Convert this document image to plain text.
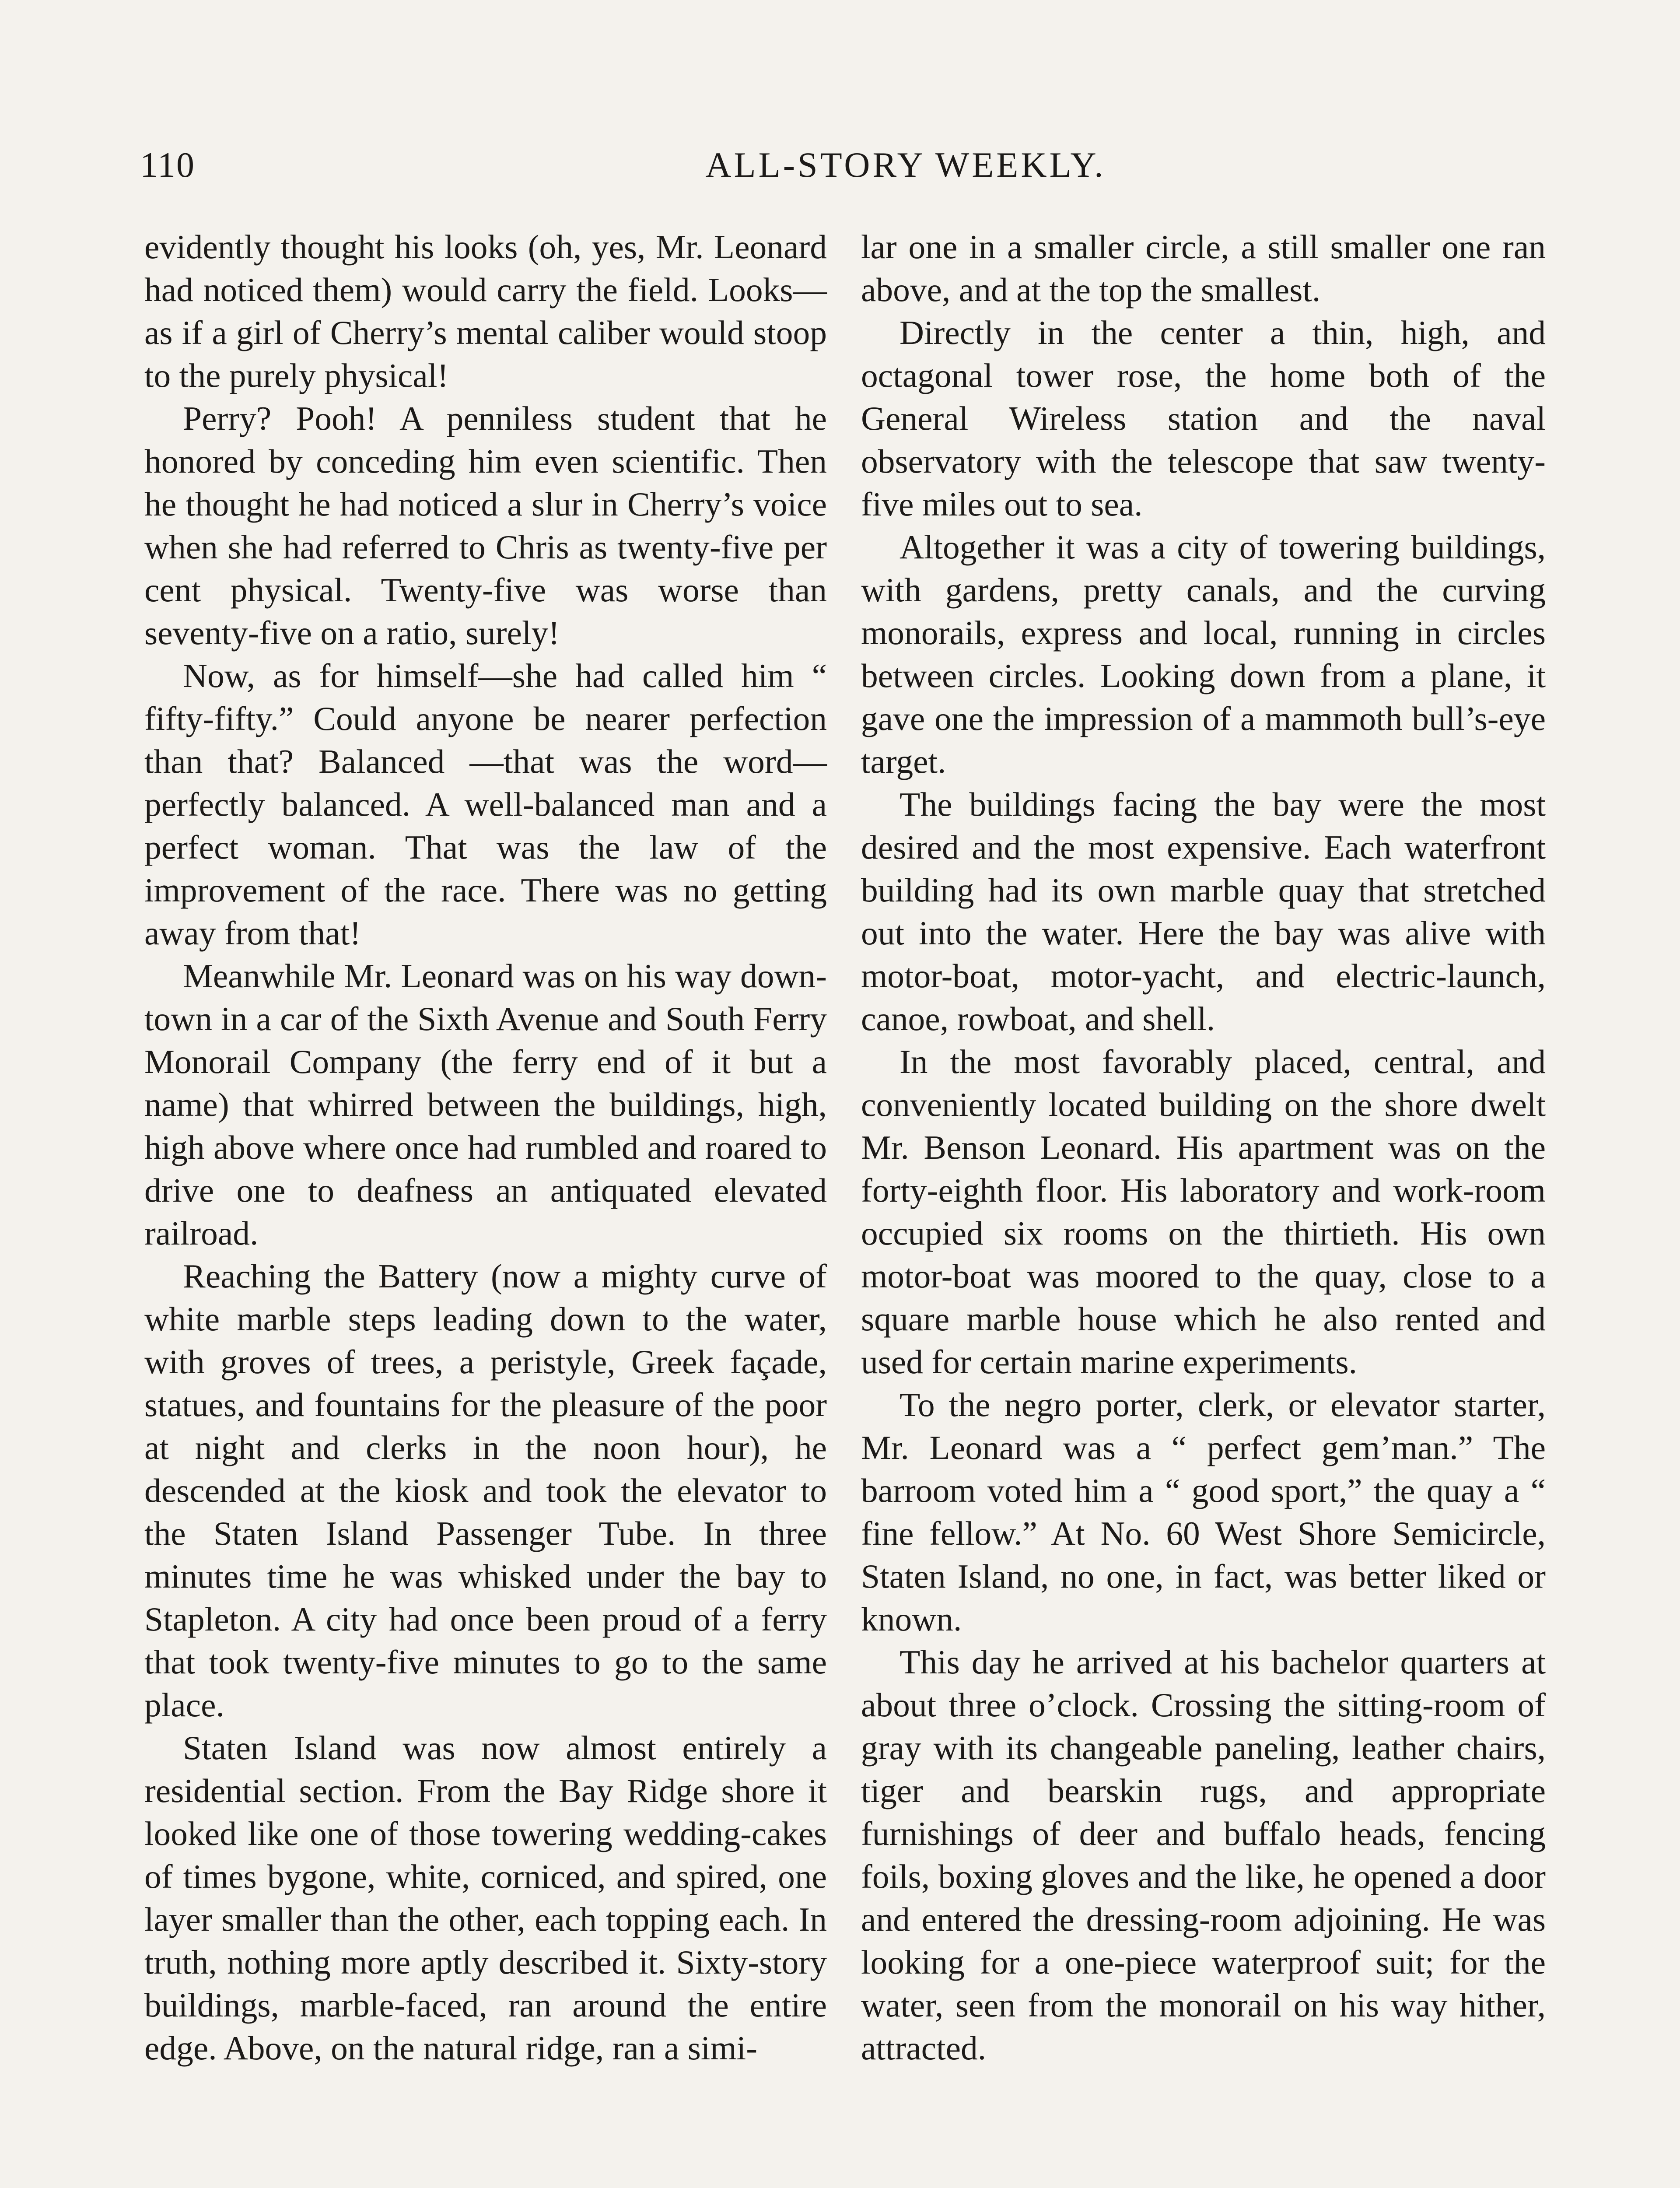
110	ALL-STORY WEEKLY.

evidently thought his looks (oh, yes, Mr. Leonard had noticed them) would carry the field. Looks—as if a girl of Cherry’s mental caliber would stoop to the purely physical!

Perry? Pooh! A penniless student that he honored by conceding him even scientific. Then he thought he had noticed a slur in Cherry’s voice when she had referred to Chris as twenty-five per cent physical. Twenty-five was worse than seventy-five on a ratio, surely!

Now, as for himself—she had called him “ fifty-fifty.” Could anyone be nearer perfection than that? Balanced —that was the word—perfectly balanced. A well-balanced man and a perfect woman. That was the law of the improvement of the race. There was no getting away from that!

Meanwhile Mr. Leonard was on his way down-town in a car of the Sixth Avenue and South Ferry Monorail Company (the ferry end of it but a name) that whirred between the buildings, high, high above where once had rumbled and roared to drive one to deafness an antiquated elevated railroad.

Reaching the Battery (now a mighty curve of white marble steps leading down to the water, with groves of trees, a peristyle, Greek façade, statues, and fountains for the pleasure of the poor at night and clerks in the noon hour), he descended at the kiosk and took the elevator to the Staten Island Passenger Tube. In three minutes time he was whisked under the bay to Stapleton. A city had once been proud of a ferry that took twenty-five minutes to go to the same place.

Staten Island was now almost entirely a residential section. From the Bay Ridge shore it looked like one of those towering wedding-cakes of times bygone, white, corniced, and spired, one layer smaller than the other, each topping each. In truth, nothing more aptly described it. Sixty-story buildings, marble-faced, ran around the entire edge. Above, on the natural ridge, ran a simi-

lar one in a smaller circle, a still smaller one ran above, and at the top the smallest.

Directly in the center a thin, high, and octagonal tower rose, the home both of the General Wireless station and the naval observatory with the telescope that saw twenty-five miles out to sea.

Altogether it was a city of towering buildings, with gardens, pretty canals, and the curving monorails, express and local, running in circles between circles. Looking down from a plane, it gave one the impression of a mammoth bull’s-eye target.

The buildings facing the bay were the most desired and the most expensive. Each waterfront building had its own marble quay that stretched out into the water. Here the bay was alive with motor-boat, motor-yacht, and electric-launch, canoe, rowboat, and shell.

In the most favorably placed, central, and conveniently located building on the shore dwelt Mr. Benson Leonard. His apartment was on the forty-eighth floor. His laboratory and work-room occupied six rooms on the thirtieth. His own motor-boat was moored to the quay, close to a square marble house which he also rented and used for certain marine experiments.

To the negro porter, clerk, or elevator starter, Mr. Leonard was a “ perfect gem’man.” The barroom voted him a “ good sport,” the quay a “ fine fellow.” At No. 60 West Shore Semicircle, Staten Island, no one, in fact, was better liked or known.

This day he arrived at his bachelor quarters at about three o’clock. Crossing the sitting-room of gray with its changeable paneling, leather chairs, tiger and bearskin rugs, and appropriate furnishings of deer and buffalo heads, fencing foils, boxing gloves and the like, he opened a door and entered the dressing-room adjoining. He was looking for a one-piece waterproof suit; for the water, seen from the monorail on his way hither, attracted.
